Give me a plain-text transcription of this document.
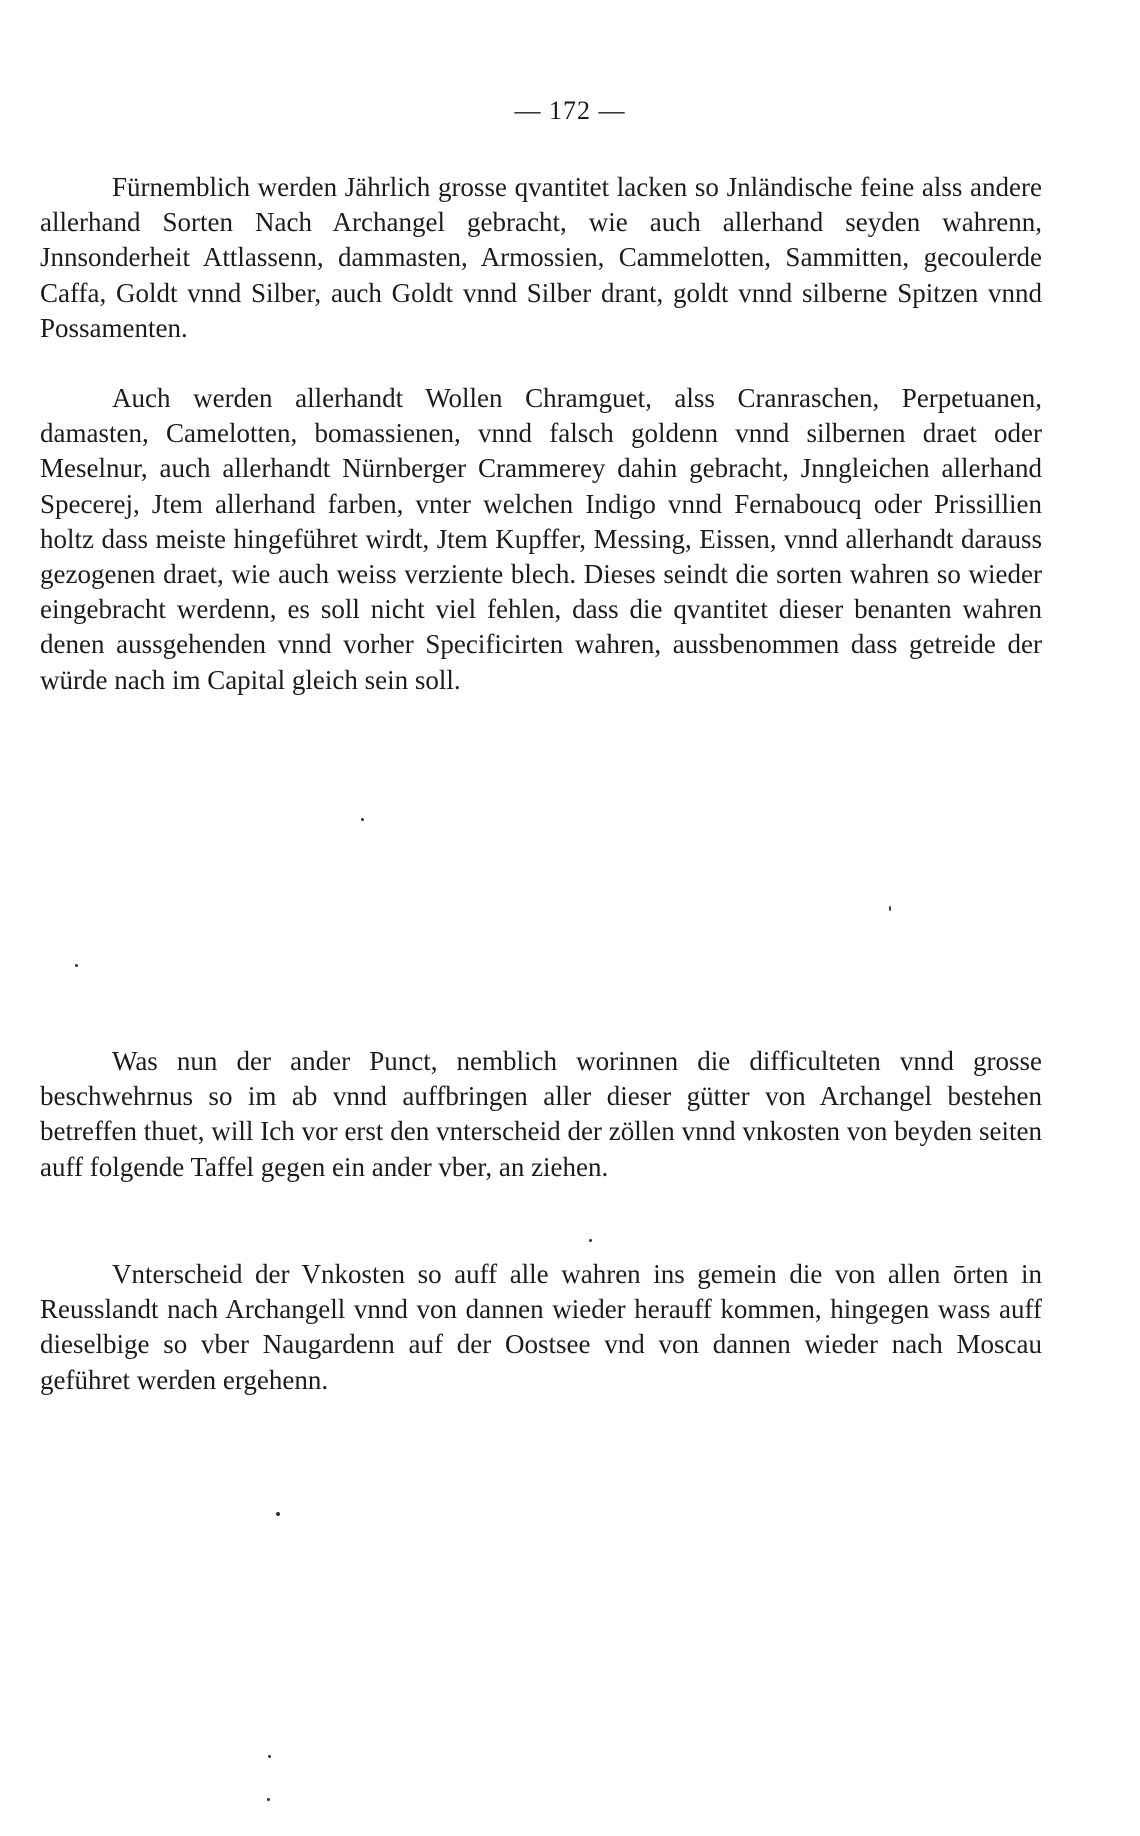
— 172 —

Fürnemblich werden Jährlich grosse qvantitet lacken so Jnländische feine alss andere allerhand Sorten Nach Archangel gebracht, wie auch allerhand seyden wahrenn, Jnnsonderheit Attlassenn, dammasten, Armossien, Cammelotten, Sammitten, gecoulerde Caffa, Goldt vnnd Silber, auch Goldt vnnd Silber drant, goldt vnnd silberne Spitzen vnnd Possamenten.

Auch werden allerhandt Wollen Chramguet, alss Cranraschen, Perpetuanen, damasten, Camelotten, bomassienen, vnnd falsch goldenn vnnd silbernen draet oder Meselnur, auch allerhandt Nürnberger Crammerey dahin gebracht, Jnngleichen allerhand Specerej, Jtem allerhand farben, vnter welchen Indigo vnnd Fernaboucq oder Prissillien holtz dass meiste hingeführet wirdt, Jtem Kupffer, Messing, Eissen, vnnd allerhandt darauss gezogenen draet, wie auch weiss verziente blech. Dieses seindt die sorten wahren so wieder eingebracht werdenn, es soll nicht viel fehlen, dass die qvantitet dieser benanten wahren denen aussgehenden vnnd vorher Specificirten wahren, aussbenommen dass getreide der würde nach im Capital gleich sein soll.

Was nun der ander Punct, nemblich worinnen die difficulteten vnnd grosse beschwehrnus so im ab vnnd auffbringen aller dieser gütter von Archangel bestehen betreffen thuet, will Ich vor erst den vnterscheid der zöllen vnnd vnkosten von beyden seiten auff folgende Taffel gegen ein ander vber, an ziehen.

Vnterscheid der Vnkosten so auff alle wahren ins gemein die von allen ōrten in Reusslandt nach Archangell vnnd von dannen wieder herauff kommen, hingegen wass auff dieselbige so vber Naugardenn auf der Oostsee vnd von dannen wieder nach Moscau geführet werden ergehenn.
